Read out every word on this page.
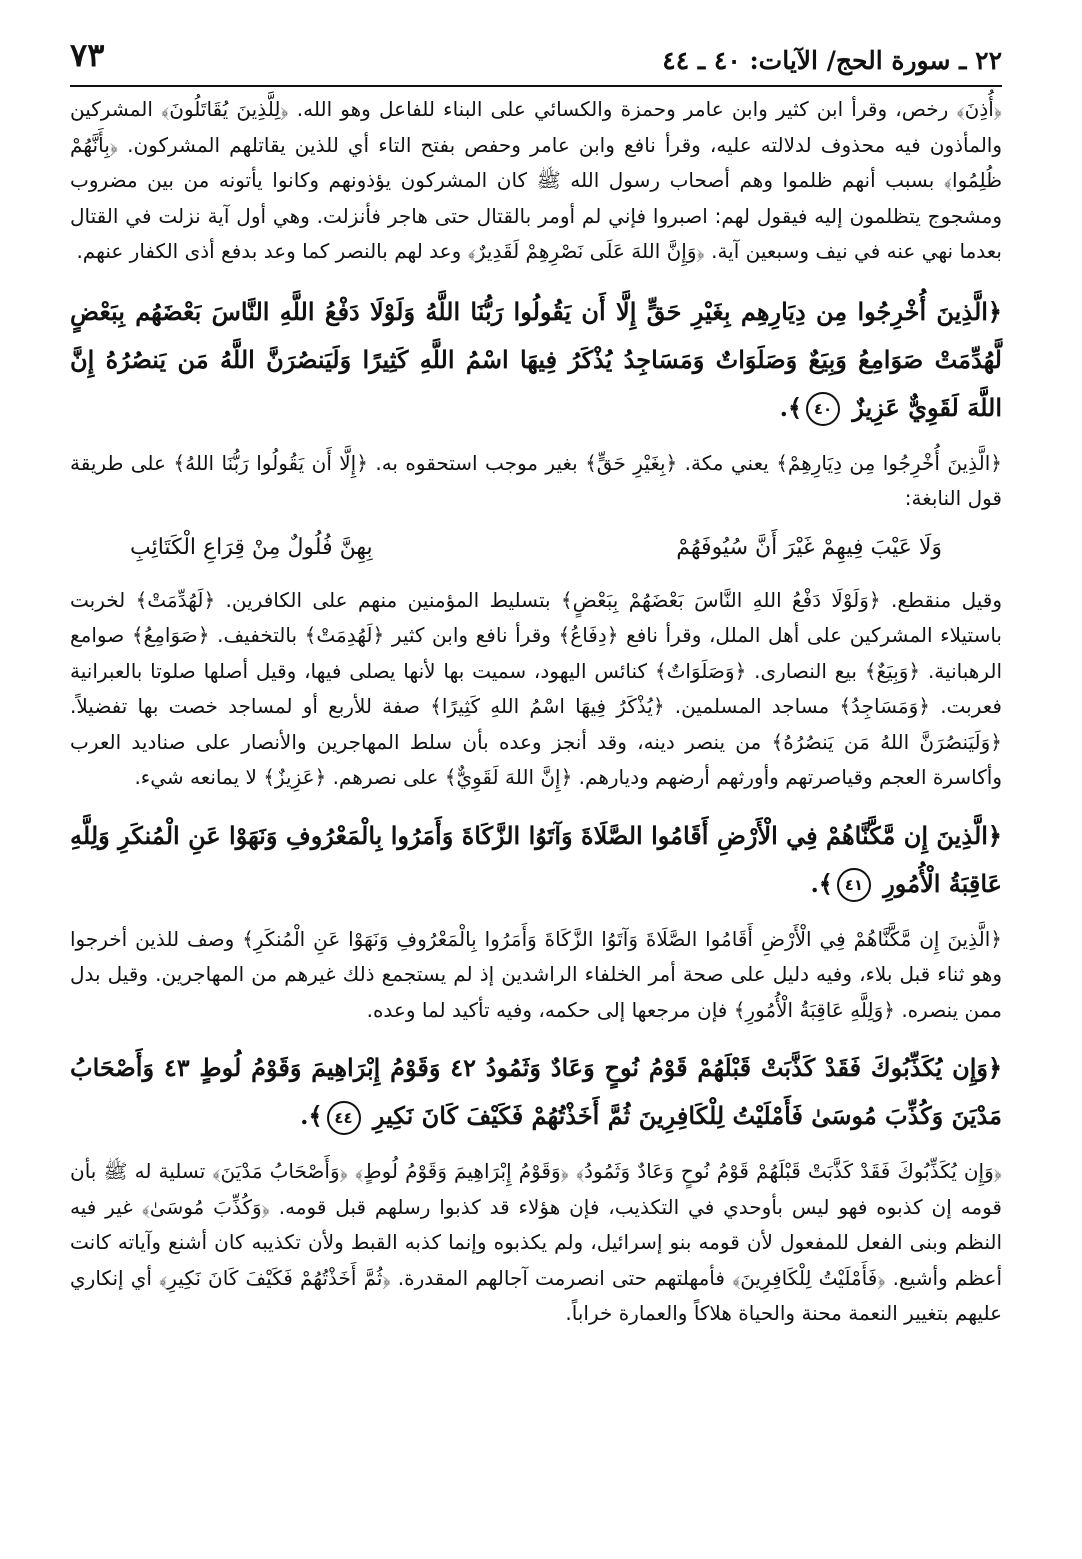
٢٢ ـ سورة الحج/ الآيات: ٤٠ ـ ٤٤
٧٣

﴿أُذِنَ﴾ رخص، وقرأ ابن كثير وابن عامر وحمزة والكسائي على البناء للفاعل وهو الله. ﴿لِلَّذِينَ يُقَاتَلُونَ﴾ المشركين والمأذون فيه محذوف لدلالته عليه، وقرأ نافع وابن عامر وحفص بفتح التاء أي للذين يقاتلهم المشركون. ﴿بِأَنَّهُمْ ظُلِمُوا﴾ بسبب أنهم ظلموا وهم أصحاب رسول الله ﷺ كان المشركون يؤذونهم وكانوا يأتونه من بين مضروب ومشجوج يتظلمون إليه فيقول لهم: اصبروا فإني لم أومر بالقتال حتى هاجر فأنزلت. وهي أول آية نزلت في القتال بعدما نهي عنه في نيف وسبعين آية. ﴿وَإِنَّ اللهَ عَلَى نَصْرِهِمْ لَقَدِيرٌ﴾ وعد لهم بالنصر كما وعد بدفع أذى الكفار عنهم.

﴿الَّذِينَ أُخْرِجُوا مِن دِيَارِهِم بِغَيْرِ حَقٍّ إِلَّا أَن يَقُولُوا رَبُّنَا اللَّهُ وَلَوْلَا دَفْعُ اللَّهِ النَّاسَ بَعْضَهُم بِبَعْضٍ لَّهُدِّمَتْ صَوَامِعُ وَبِيَعٌ وَصَلَوَاتٌ وَمَسَاجِدُ يُذْكَرُ فِيهَا اسْمُ اللَّهِ كَثِيرًا وَلَيَنصُرَنَّ اللَّهُ مَن يَنصُرُهُ إِنَّ اللَّهَ لَقَوِيٌّ عَزِيزٌ ٤٠﴾.

﴿الَّذِينَ أُخْرِجُوا مِن دِيَارِهِمْ﴾ يعني مكة. ﴿بِغَيْرِ حَقٍّ﴾ بغير موجب استحقوه به. ﴿إِلَّا أَن يَقُولُوا رَبُّنَا اللهُ﴾ على طريقة قول النابغة:

وَلَا عَيْبَ فِيهِمْ غَيْرَ أَنَّ سُيُوفَهُمْ
بِهِنَّ فُلُولٌ مِنْ قِرَاعِ الْكَتَائِبِ

وقيل منقطع. ﴿وَلَوْلَا دَفْعُ اللهِ النَّاسَ بَعْضَهُمْ بِبَعْضٍ﴾ بتسليط المؤمنين منهم على الكافرين. ﴿لَهُدِّمَتْ﴾ لخربت باستيلاء المشركين على أهل الملل، وقرأ نافع ﴿دِفَاعُ﴾ وقرأ نافع وابن كثير ﴿لَهُدِمَتْ﴾ بالتخفيف. ﴿صَوَامِعُ﴾ صوامع الرهبانية. ﴿وَبِيَعٌ﴾ بيع النصارى. ﴿وَصَلَوَاتٌ﴾ كنائس اليهود، سميت بها لأنها يصلى فيها، وقيل أصلها صلوتا بالعبرانية فعربت. ﴿وَمَسَاجِدُ﴾ مساجد المسلمين. ﴿يُذْكَرُ فِيهَا اسْمُ اللهِ كَثِيرًا﴾ صفة للأربع أو لمساجد خصت بها تفضيلاً. ﴿وَلَيَنصُرَنَّ اللهُ مَن يَنصُرُهُ﴾ من ينصر دينه، وقد أنجز وعده بأن سلط المهاجرين والأنصار على صناديد العرب وأكاسرة العجم وقياصرتهم وأورثهم أرضهم وديارهم. ﴿إِنَّ اللهَ لَقَوِيٌّ﴾ على نصرهم. ﴿عَزِيزٌ﴾ لا يمانعه شيء.

﴿الَّذِينَ إِن مَّكَّنَّاهُمْ فِي الْأَرْضِ أَقَامُوا الصَّلَاةَ وَآتَوُا الزَّكَاةَ وَأَمَرُوا بِالْمَعْرُوفِ وَنَهَوْا عَنِ الْمُنكَرِ وَلِلَّهِ عَاقِبَةُ الْأُمُورِ ٤١﴾.

﴿الَّذِينَ إِن مَّكَّنَّاهُمْ فِي الْأَرْضِ أَقَامُوا الصَّلَاةَ وَآتَوُا الزَّكَاةَ وَأَمَرُوا بِالْمَعْرُوفِ وَنَهَوْا عَنِ الْمُنكَرِ﴾ وصف للذين أخرجوا وهو ثناء قبل بلاء، وفيه دليل على صحة أمر الخلفاء الراشدين إذ لم يستجمع ذلك غيرهم من المهاجرين. وقيل بدل ممن ينصره. ﴿وَلِلَّهِ عَاقِبَةُ الْأُمُورِ﴾ فإن مرجعها إلى حكمه، وفيه تأكيد لما وعده.

﴿وَإِن يُكَذِّبُوكَ فَقَدْ كَذَّبَتْ قَبْلَهُمْ قَوْمُ نُوحٍ وَعَادٌ وَثَمُودُ ٤٢ وَقَوْمُ إِبْرَاهِيمَ وَقَوْمُ لُوطٍ ٤٣ وَأَصْحَابُ مَدْيَنَ وَكُذِّبَ مُوسَىٰ فَأَمْلَيْتُ لِلْكَافِرِينَ ثُمَّ أَخَذْتُهُمْ فَكَيْفَ كَانَ نَكِيرِ ٤٤﴾.

﴿وَإِن يُكَذِّبُوكَ فَقَدْ كَذَّبَتْ قَبْلَهُمْ قَوْمُ نُوحٍ وَعَادٌ وَثَمُودُ﴾ ﴿وَقَوْمُ إِبْرَاهِيمَ وَقَوْمُ لُوطٍ﴾ ﴿وَأَصْحَابُ مَدْيَنَ﴾ تسلية له ﷺ بأن قومه إن كذبوه فهو ليس بأوحدي في التكذيب، فإن هؤلاء قد كذبوا رسلهم قبل قومه. ﴿وَكُذِّبَ مُوسَىٰ﴾ غير فيه النظم وبنى الفعل للمفعول لأن قومه بنو إسرائيل، ولم يكذبوه وإنما كذبه القبط ولأن تكذيبه كان أشنع وآياته كانت أعظم وأشيع. ﴿فَأَمْلَيْتُ لِلْكَافِرِينَ﴾ فأمهلتهم حتى انصرمت آجالهم المقدرة. ﴿ثُمَّ أَخَذْتُهُمْ فَكَيْفَ كَانَ نَكِيرِ﴾ أي إنكاري عليهم بتغيير النعمة محنة والحياة هلاكاً والعمارة خراباً.
